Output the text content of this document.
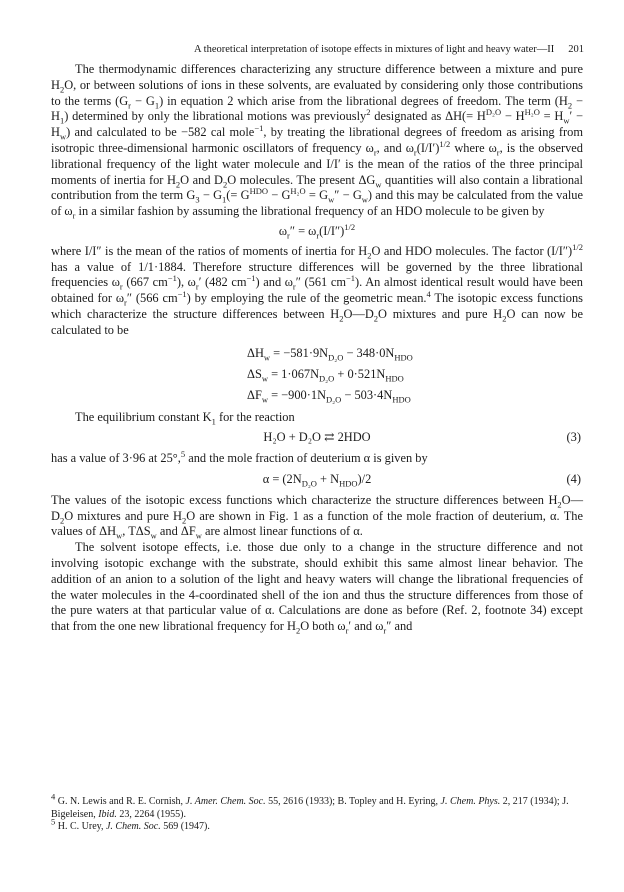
A theoretical interpretation of isotope effects in mixtures of light and heavy water—II 201

The thermodynamic differences characterizing any structure difference between a mixture and pure $H_2O$, or between solutions of ions in these solvents, are evaluated by considering only those contributions to the terms $(G_r - G_1)$ in equation 2 which arise from the librational degrees of freedom. The term $(H_2 - H_1)$ determined by only the librational motions was previously$^2$ designated as $\Delta H(= H^{D_2O} - H^{H_2O} = H_w' - H_w)$ and calculated to be −582 cal mole$^{-1}$, by treating the librational degrees of freedom as arising from isotropic three-dimensional harmonic oscillators of frequency $\omega_r$, and $\omega_r(I/I')^{1/2}$ where $\omega_r$, is the observed librational frequency of the light water molecule and I/I′ is the mean of the ratios of the three principal moments of inertia for $H_2O$ and $D_2O$ molecules. The present $\Delta G_w$ quantities will also contain a librational contribution from the term $G_3 - G_1(= G^{HDO} - G^{H_2O} = G_w'' - G_w)$ and this may be calculated from the value of $\omega_r$ in a similar fashion by assuming the librational frequency of an HDO molecule to be given by

$\omega_r'' = \omega_r(I/I'')^{1/2}$

where I/I″ is the mean of the ratios of moments of inertia for $H_2O$ and HDO molecules. The factor $(I/I'')^{1/2}$ has a value of 1/1·1884. Therefore structure differences will be governed by the three librational frequencies $\omega_r$ (667 $cm^{-1}$), $\omega_r'$ (482 $cm^{-1}$) and $\omega_r''$ (561 $cm^{-1}$). An almost identical result would have been obtained for $\omega_r''$ (566 $cm^{-1}$) by employing the rule of the geometric mean.$^4$ The isotopic excess functions which characterize the structure differences between $H_2O—D_2O$ mixtures and pure $H_2O$ can now be calculated to be

$\Delta H_w = -581\cdot 9N_{D_2O} - 348\cdot 0N_{HDO}$
$\Delta S_w = 1\cdot 067N_{D_2O} + 0\cdot 521N_{HDO}$
$\Delta F_w = -900\cdot 1N_{D_2O} - 503\cdot 4N_{HDO}$

The equilibrium constant $K_1$ for the reaction

H₂O + D₂O ⇄ 2HDO	(3)

has a value of 3·96 at 25°,$^5$ and the mole fraction of deuterium α is given by

$\alpha = (2N_{D_2O} + N_{HDO})/2$	(4)

The values of the isotopic excess functions which characterize the structure differences between $H_2O—D_2O$ mixtures and pure $H_2O$ are shown in Fig. 1 as a function of the mole fraction of deuterium, α. The values of $\Delta H_w$, $T\Delta S_w$ and $\Delta F_w$ are almost linear functions of α.

The solvent isotope effects, i.e. those due only to a change in the structure difference and not involving isotopic exchange with the substrate, should exhibit this same almost linear behavior. The addition of an anion to a solution of the light and heavy waters will change the librational frequencies of the water molecules in the 4-coordinated shell of the ion and thus the structure differences from those of the pure waters at that particular value of α. Calculations are done as before (Ref. 2, footnote 34) except that from the one new librational frequency for $H_2O$ both $\omega_r'$ and $\omega_r''$ and

$^4$ G. N. Lewis and R. E. Cornish, J. Amer. Chem. Soc. 55, 2616 (1933); B. Topley and H. Eyring, J. Chem. Phys. 2, 217 (1934); J. Bigeleisen, Ibid. 23, 2264 (1955).

$^5$ H. C. Urey, J. Chem. Soc. 569 (1947).
